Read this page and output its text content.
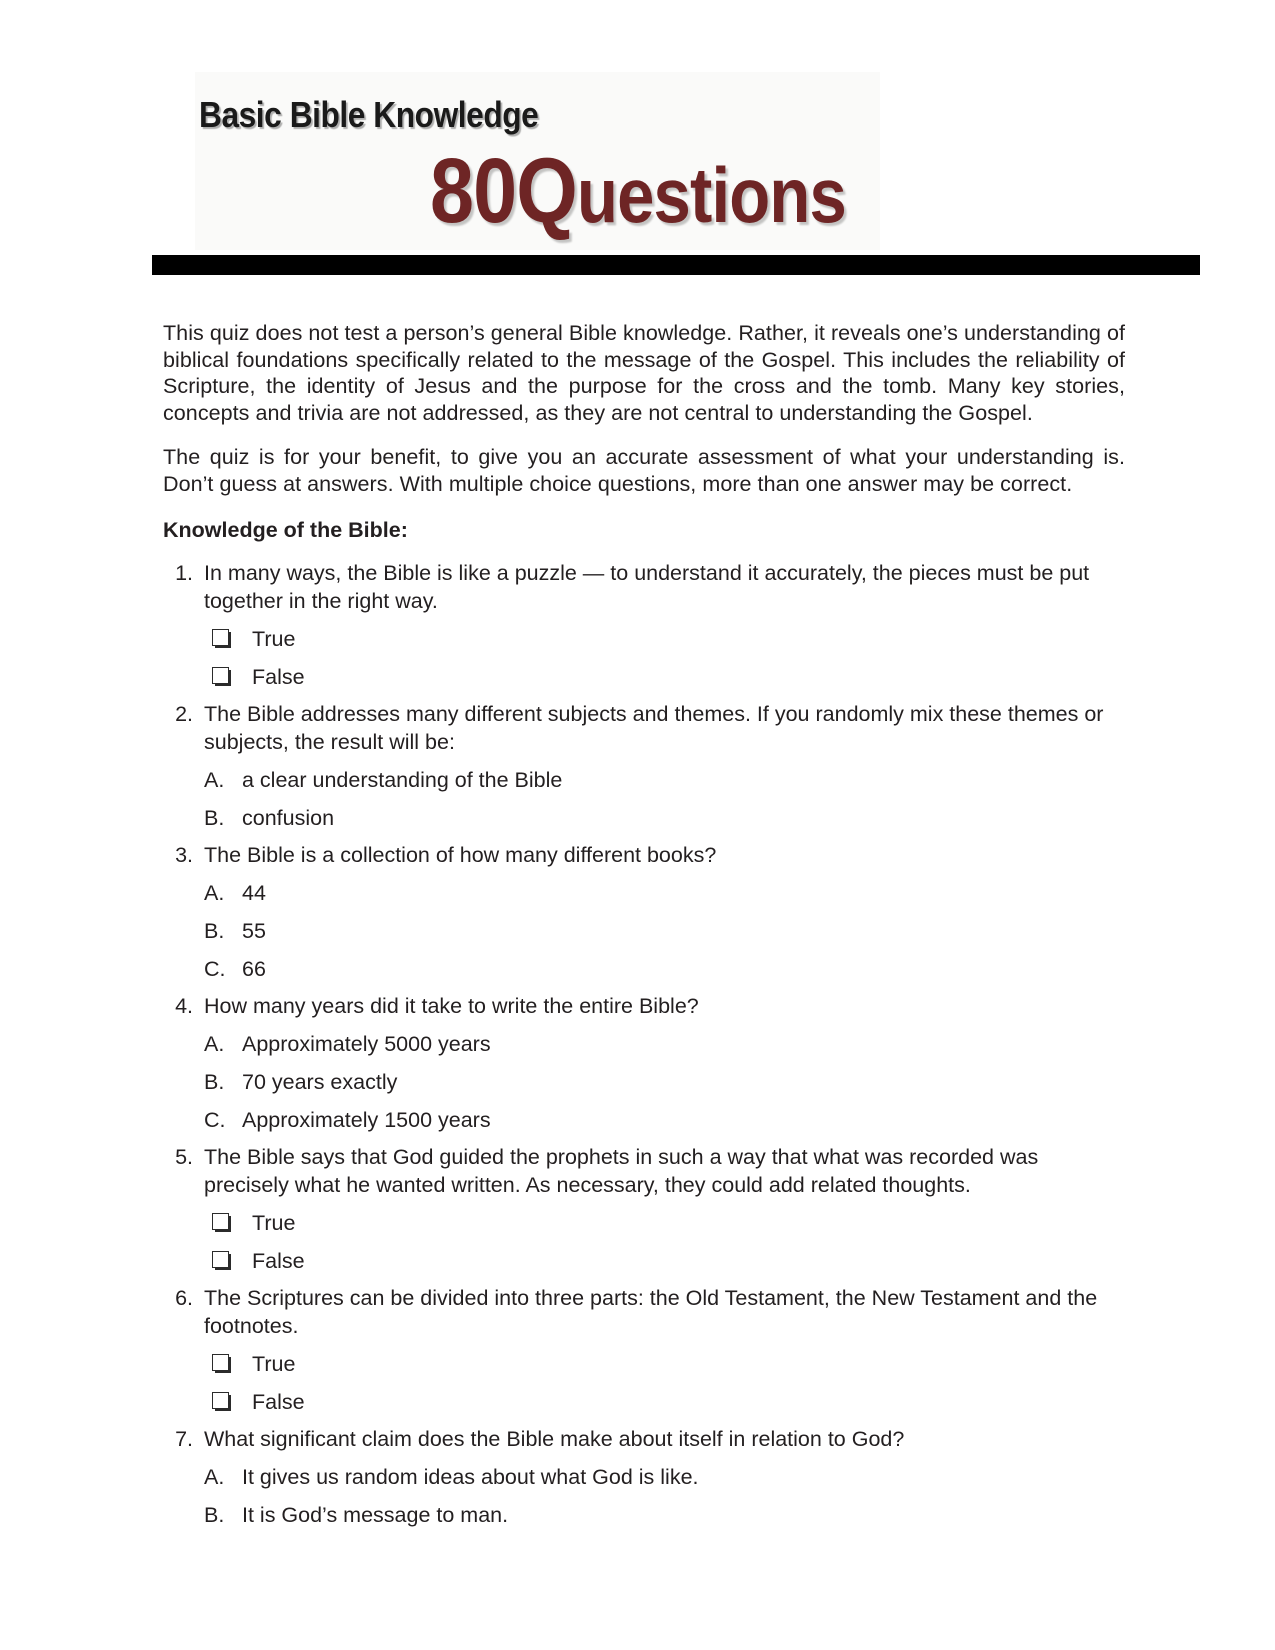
Basic Bible Knowledge
80Questions

This quiz does not test a person’s general Bible knowledge. Rather, it reveals one’s understanding of biblical foundations specifically related to the message of the Gospel. This includes the reliability of Scripture, the identity of Jesus and the purpose for the cross and the tomb. Many key stories, concepts and trivia are not addressed, as they are not central to understanding the Gospel.

The quiz is for your benefit, to give you an accurate assessment of what your understanding is. Don’t guess at answers. With multiple choice questions, more than one answer may be correct.

Knowledge of the Bible:
1. In many ways, the Bible is like a puzzle — to understand it accurately, the pieces must be put together in the right way.
True
False
2. The Bible addresses many different subjects and themes. If you randomly mix these themes or subjects, the result will be:
A. a clear understanding of the Bible
B. confusion
3. The Bible is a collection of how many different books?
A. 44
B. 55
C. 66
4. How many years did it take to write the entire Bible?
A. Approximately 5000 years
B. 70 years exactly
C. Approximately 1500 years
5. The Bible says that God guided the prophets in such a way that what was recorded was precisely what he wanted written. As necessary, they could add related thoughts.
True
False
6. The Scriptures can be divided into three parts: the Old Testament, the New Testament and the footnotes.
True
False
7. What significant claim does the Bible make about itself in relation to God?
A. It gives us random ideas about what God is like.
B. It is God’s message to man.
